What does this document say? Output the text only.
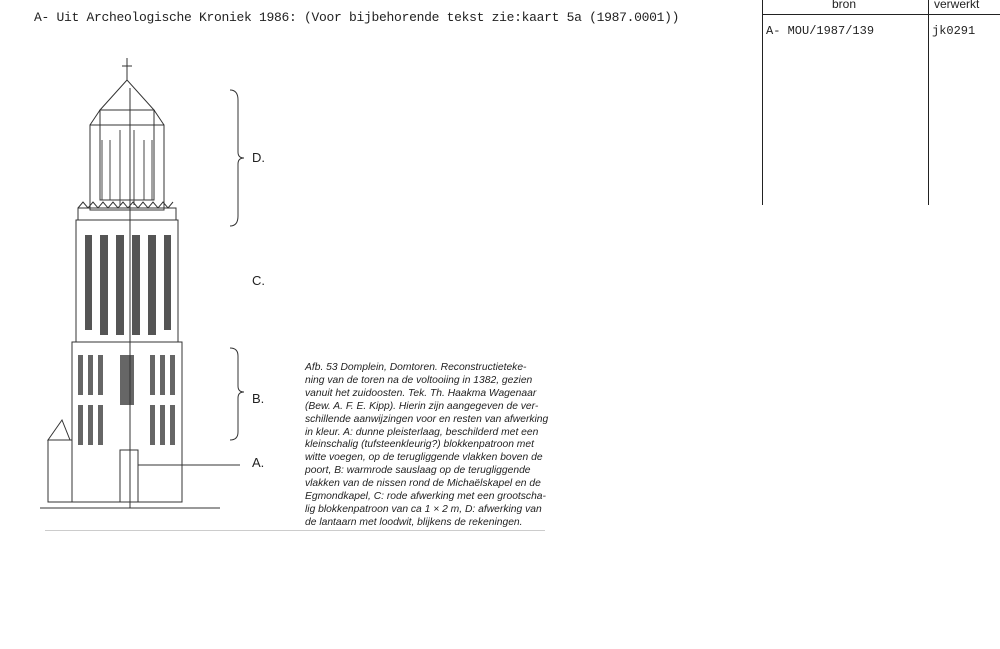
A- Uit Archeologische Kroniek 1986: (Voor bijbehorende tekst zie:kaart 5a (1987.0001))
bron	verwerkt
A- MOU/1987/139	jk0291
D.
C.
B.
A.
Afb. 53 Domplein, Domtoren. Reconstructieteke-
ning van de toren na de voltooiing in 1382, gezien
vanuit het zuidoosten. Tek. Th. Haakma Wagenaar
(Bew. A. F. E. Kipp). Hierin zijn aangegeven de ver-
schillende aanwijzingen voor en resten van afwerking
in kleur. A: dunne pleisterlaag, beschilderd met een
kleinschalig (tufsteenkleurig?) blokkenpatroon met
witte voegen, op de terugliggende vlakken boven de
poort, B: warmrode sauslaag op de terugliggende
vlakken van de nissen rond de Michaëlskapel en de
Egmondkapel, C: rode afwerking met een grootscha-
lig blokkenpatroon van ca 1 × 2 m, D: afwerking van
de lantaarn met loodwit, blijkens de rekeningen.
